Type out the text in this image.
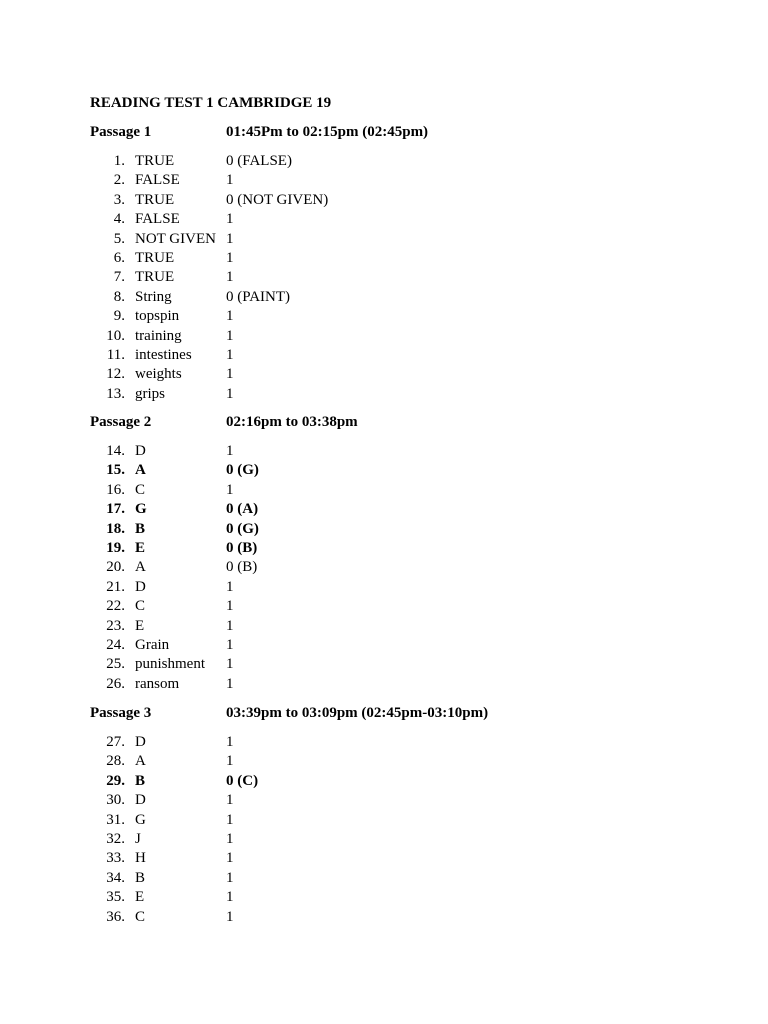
READING TEST 1 CAMBRIDGE 19
Passage 1	01:45Pm to 02:15pm (02:45pm)
1. TRUE	0 (FALSE)
2. FALSE	1
3. TRUE	0 (NOT GIVEN)
4. FALSE	1
5. NOT GIVEN 1
6. TRUE	1
7. TRUE	1
8. String	0 (PAINT)
9. topspin	1
10. training	1
11. intestines 1
12. weights	1
13. grips	1
Passage 2	02:16pm to 03:38pm
14. D	1
15. A	0 (G)
16. C	1
17. G	0 (A)
18. B	0 (G)
19. E	0 (B)
20. A	0 (B)
21. D	1
22. C	1
23. E	1
24. Grain	1
25. punishment 1
26. ransom	1
Passage 3	03:39pm to 03:09pm (02:45pm-03:10pm)
27. D	1
28. A	1
29. B	0 (C)
30. D	1
31. G	1
32. J	1
33. H	1
34. B	1
35. E	1
36. C	1
